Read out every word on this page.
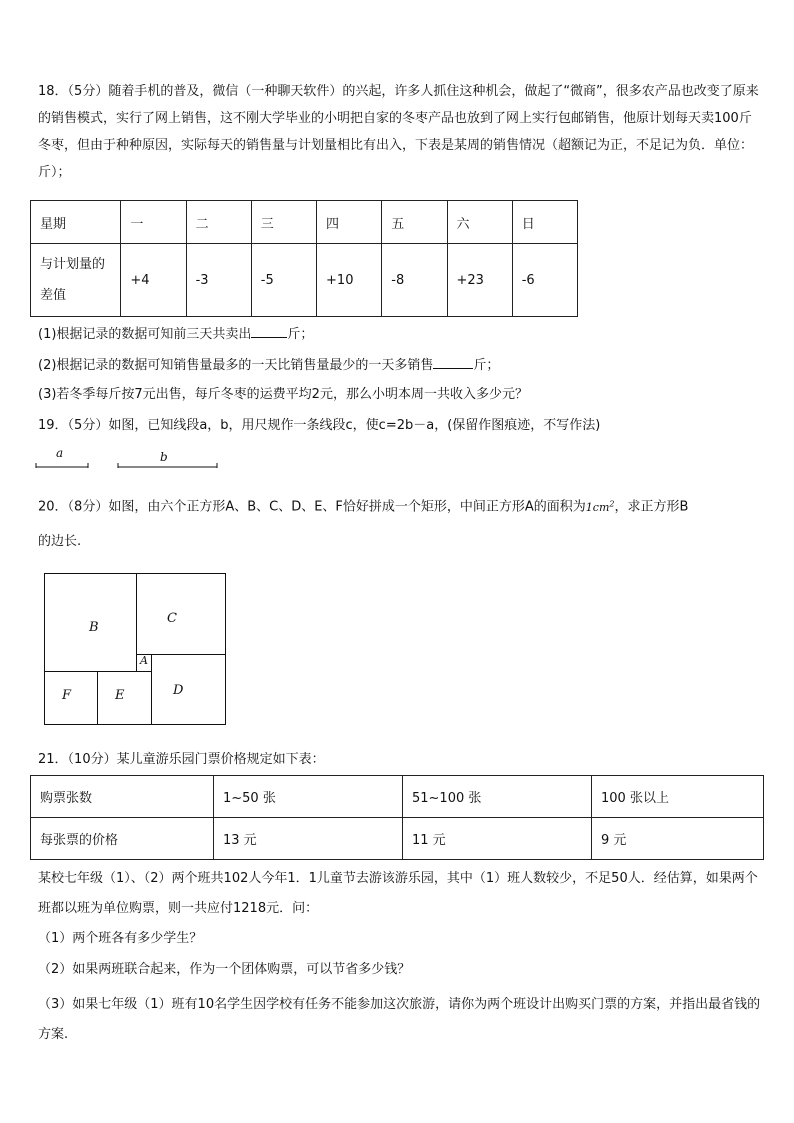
18．（5分）随着手机的普及，微信（一种聊天软件）的兴起，许多人抓住这种机会，做起了“微商”，很多农产品也改变了原来的销售模式，实行了网上销售，这不刚大学毕业的小明把自家的冬枣产品也放到了网上实行包邮销售，他原计划每天卖100斤冬枣，但由于种种原因，实际每天的销售量与计划量相比有出入，下表是某周的销售情况（超额记为正，不足记为负．单位：斤）；
星期	一	二	三	四	五	六	日
与计划量的差值	+4	-3	-5	+10	-8	+23	-6
(1)根据记录的数据可知前三天共卖出	斤；
(2)根据记录的数据可知销售量最多的一天比销售量最少的一天多销售	斤；
(3)若冬季每斤按7元出售，每斤冬枣的运费平均2元，那么小明本周一共收入多少元？
19．（5分）如图，已知线段a，b，用尺规作一条线段c，使c=2b－a，(保留作图痕迹，不写作法)
a	b
20．（8分）如图，由六个正方形A、B、C、D、E、F恰好拼成一个矩形，中间正方形A的面积为$1cm^2$，求正方形B
的边长.
B
C
A
D
E
F
21．（10分）某儿童游乐园门票价格规定如下表：
购票张数	1~50 张	51~100 张	100 张以上
每张票的价格	13 元	11 元	9 元
某校七年级（1）、（2）两个班共102人今年1．1儿童节去游该游乐园，其中（1）班人数较少，不足50人．经估算，如果两个班都以班为单位购票，则一共应付1218元．问：
（1）两个班各有多少学生？
（2）如果两班联合起来，作为一个团体购票，可以节省多少钱？
（3）如果七年级（1）班有10名学生因学校有任务不能参加这次旅游，请你为两个班设计出购买门票的方案，并指出最省钱的方案.
